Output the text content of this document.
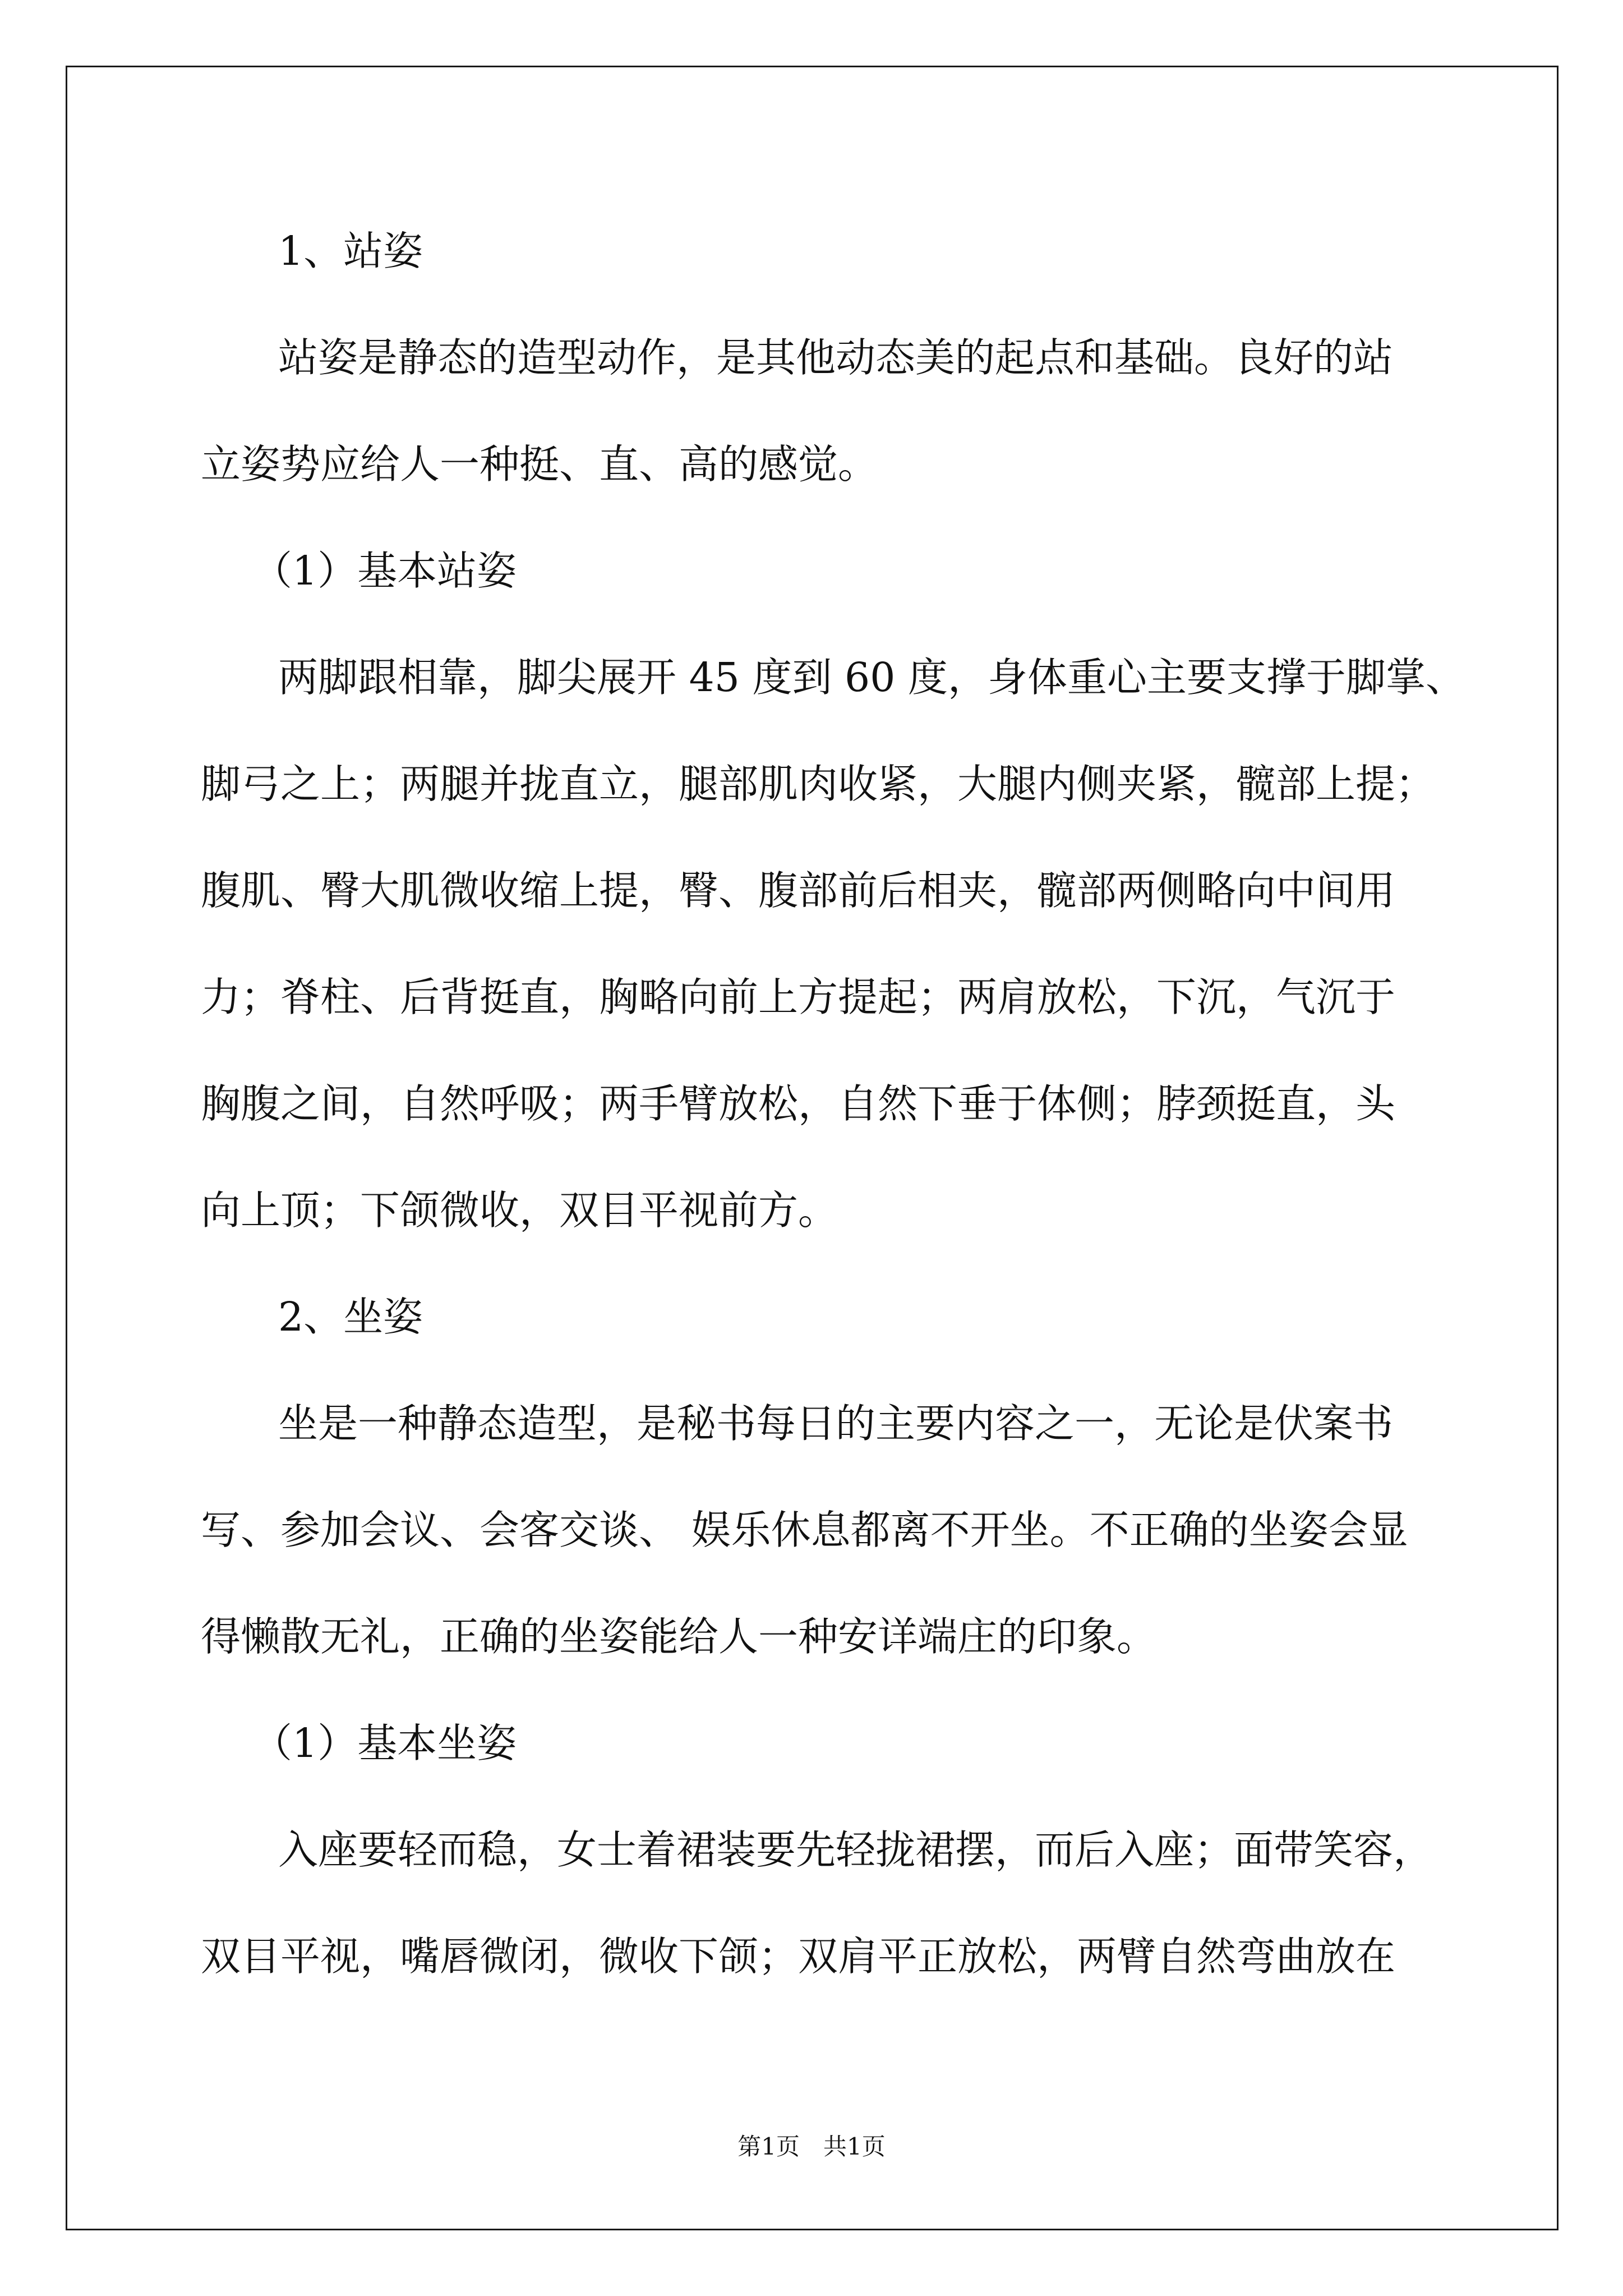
1、站姿
站姿是静态的造型动作，是其他动态美的起点和基础。良好的站
立姿势应给人一种挺、直、高的感觉。
（1）基本站姿
两脚跟相靠，脚尖展开 45 度到 60 度，身体重心主要支撑于脚掌、
脚弓之上；两腿并拢直立，腿部肌肉收紧，大腿内侧夹紧，髋部上提；
腹肌、臀大肌微收缩上提，臀、腹部前后相夹，髋部两侧略向中间用
力；脊柱、后背挺直，胸略向前上方提起；两肩放松，下沉，气沉于
胸腹之间，自然呼吸；两手臂放松，自然下垂于体侧；脖颈挺直，头
向上顶；下颌微收，双目平视前方。
2、坐姿
坐是一种静态造型，是秘书每日的主要内容之一，无论是伏案书
写、参加会议、会客交谈、 娱乐休息都离不开坐。不正确的坐姿会显
得懒散无礼，正确的坐姿能给人一种安详端庄的印象。
（1）基本坐姿
入座要轻而稳，女士着裙装要先轻拢裙摆，而后入座；面带笑容，
双目平视，嘴唇微闭，微收下颌；双肩平正放松，两臂自然弯曲放在
第1页　共1页
